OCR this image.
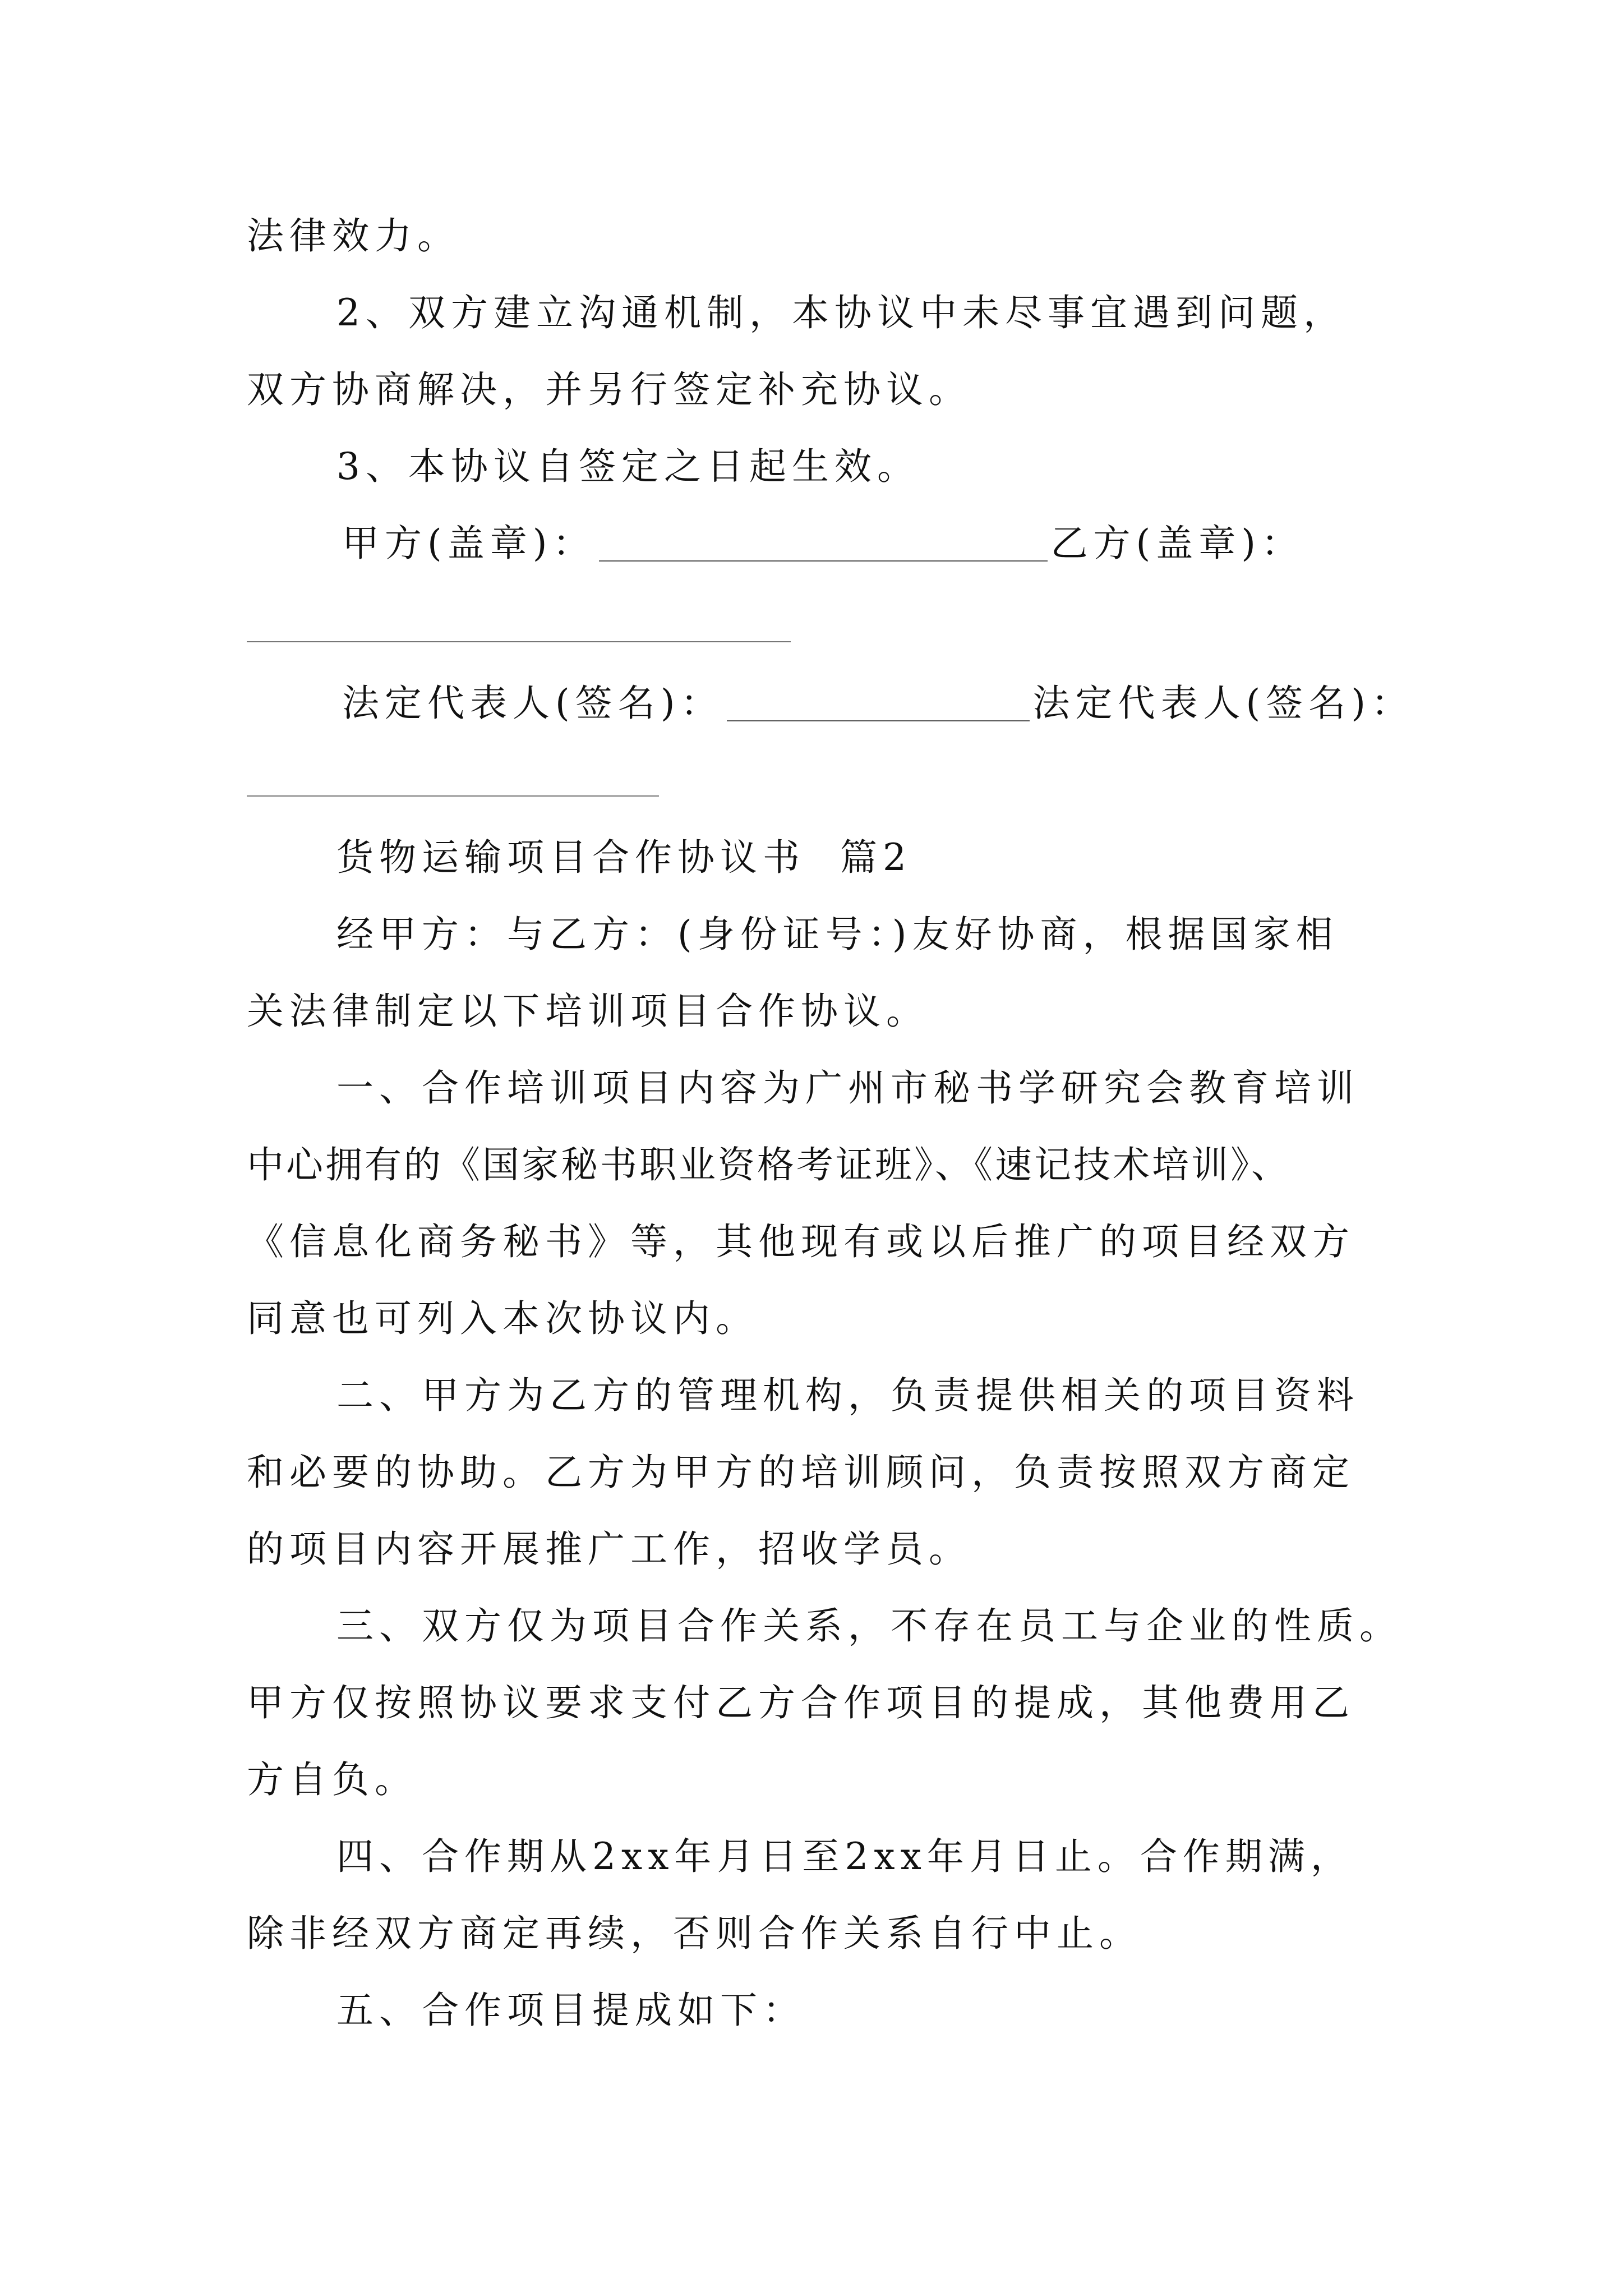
法律效力。
2、双方建立沟通机制，本协议中未尽事宜遇到问题，
双方协商解决，并另行签定补充协议。
3、本协议自签定之日起生效。
甲方(盖章)：	乙方(盖章)：
法定代表人(签名)：	法定代表人(签名)：
货物运输项目合作协议书  篇2
经甲方：与乙方：(身份证号：)友好协商，根据国家相
关法律制定以下培训项目合作协议。
一、合作培训项目内容为广州市秘书学研究会教育培训
中心拥有的《国家秘书职业资格考证班》、《速记技术培训》、
《信息化商务秘书》等，其他现有或以后推广的项目经双方
同意也可列入本次协议内。
二、甲方为乙方的管理机构，负责提供相关的项目资料
和必要的协助。乙方为甲方的培训顾问，负责按照双方商定
的项目内容开展推广工作，招收学员。
三、双方仅为项目合作关系，不存在员工与企业的性质。
甲方仅按照协议要求支付乙方合作项目的提成，其他费用乙
方自负。
四、合作期从2xx年月日至2xx年月日止。合作期满，
除非经双方商定再续，否则合作关系自行中止。
五、合作项目提成如下：
